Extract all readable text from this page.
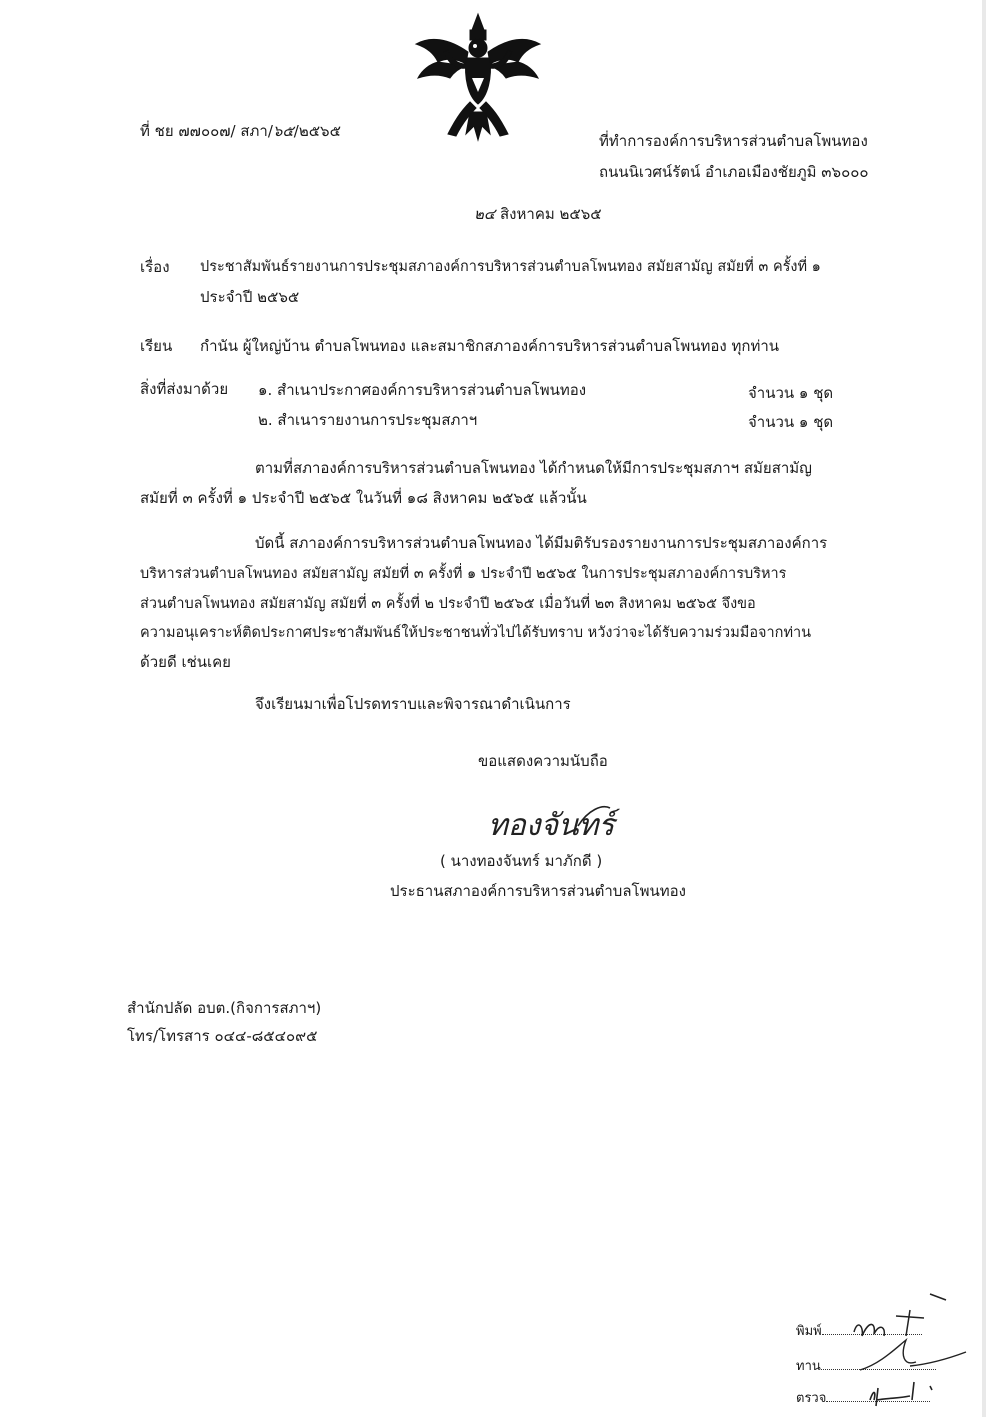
ที่ ชย ๗๗๐๐๗/ สภา/๖๕/๒๕๖๕
ที่ทำการองค์การบริหารส่วนตำบลโพนทอง
ถนนนิเวศน์รัตน์ อำเภอเมืองชัยภูมิ ๓๖๐๐๐
๒๔ สิงหาคม ๒๕๖๕
เรื่อง ประชาสัมพันธ์รายงานการประชุมสภาองค์การบริหารส่วนตำบลโพนทอง สมัยสามัญ สมัยที่ ๓ ครั้งที่ ๑
ประจำปี ๒๕๖๕
เรียน กำนัน ผู้ใหญ่บ้าน ตำบลโพนทอง และสมาชิกสภาองค์การบริหารส่วนตำบลโพนทอง ทุกท่าน
สิ่งที่ส่งมาด้วย ๑. สำเนาประกาศองค์การบริหารส่วนตำบลโพนทอง	จำนวน ๑ ชุด
๒. สำเนารายงานการประชุมสภาฯ	จำนวน ๑ ชุด
ตามที่สภาองค์การบริหารส่วนตำบลโพนทอง ได้กำหนดให้มีการประชุมสภาฯ สมัยสามัญ
สมัยที่ ๓ ครั้งที่ ๑ ประจำปี ๒๕๖๕ ในวันที่ ๑๘ สิงหาคม ๒๕๖๕ แล้วนั้น
บัดนี้ สภาองค์การบริหารส่วนตำบลโพนทอง ได้มีมติรับรองรายงานการประชุมสภาองค์การ
บริหารส่วนตำบลโพนทอง สมัยสามัญ สมัยที่ ๓ ครั้งที่ ๑ ประจำปี ๒๕๖๕ ในการประชุมสภาองค์การบริหาร
ส่วนตำบลโพนทอง สมัยสามัญ สมัยที่ ๓ ครั้งที่ ๒ ประจำปี ๒๕๖๕ เมื่อวันที่ ๒๓ สิงหาคม ๒๕๖๕ จึงขอ
ความอนุเคราะห์ติดประกาศประชาสัมพันธ์ให้ประชาชนทั่วไปได้รับทราบ หวังว่าจะได้รับความร่วมมือจากท่าน
ด้วยดี เช่นเคย
จึงเรียนมาเพื่อโปรดทราบและพิจารณาดำเนินการ
ขอแสดงความนับถือ
ทองจันทร์
( นางทองจันทร์ มาภักดี )
ประธานสภาองค์การบริหารส่วนตำบลโพนทอง
สำนักปลัด อบต.(กิจการสภาฯ)
โทร/โทรสาร ๐๔๔-๘๕๔๐๙๕
พิมพ์
ทาน
ตรวจ
